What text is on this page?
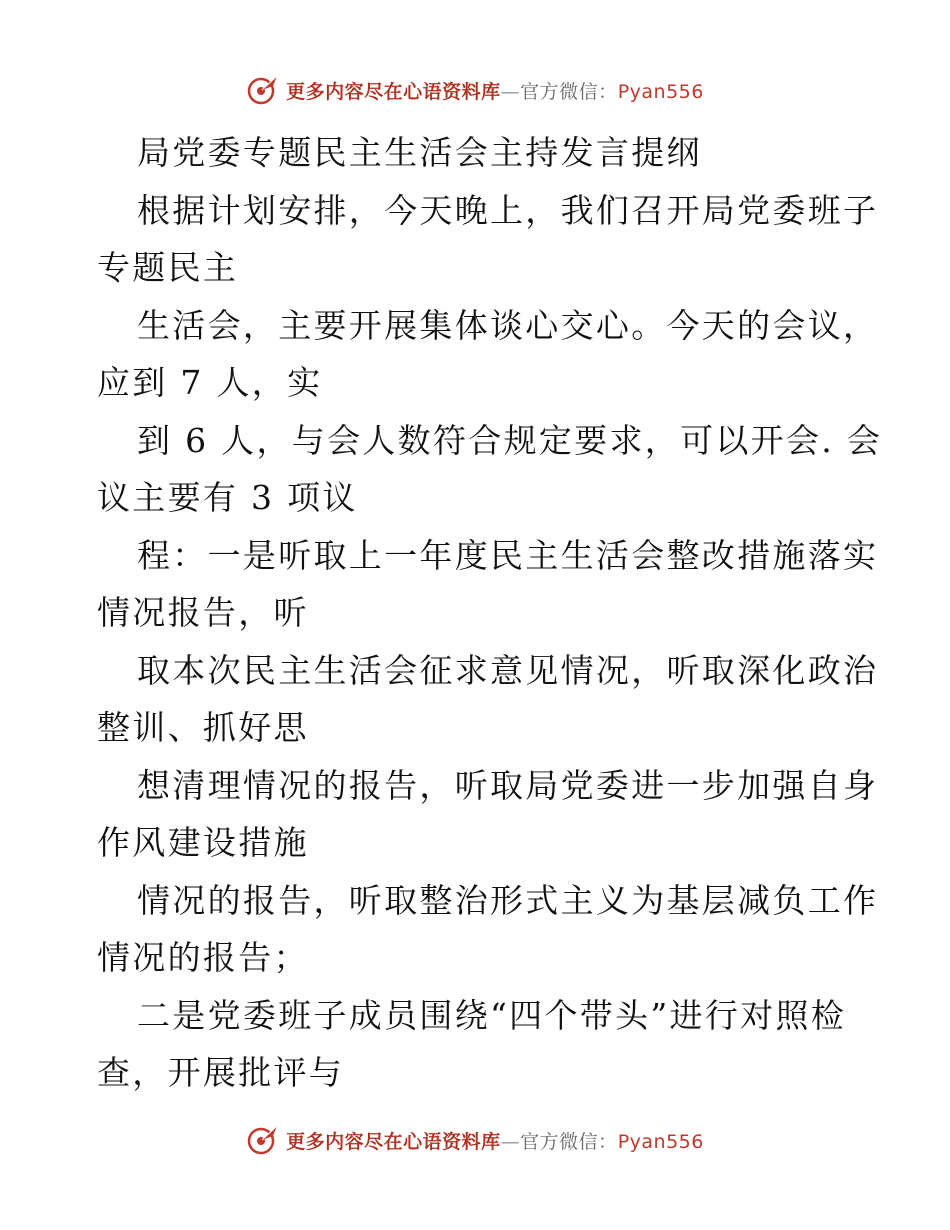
更多内容尽在心语资料库—官方微信：Pyan556
局党委专题民主生活会主持发言提纲
根据计划安排，今天晚上，我们召开局党委班子
专题民主
生活会，主要开展集体谈心交心。今天的会议，
应到 7 人，实
到 6 人，与会人数符合规定要求，可以开会. 会
议主要有 3 项议
程：一是听取上一年度民主生活会整改措施落实
情况报告，听
取本次民主生活会征求意见情况，听取深化政治
整训、抓好思
想清理情况的报告，听取局党委进一步加强自身
作风建设措施
情况的报告，听取整治形式主义为基层减负工作
情况的报告；
二是党委班子成员围绕“四个带头”进行对照检
查，开展批评与
更多内容尽在心语资料库—官方微信：Pyan556
